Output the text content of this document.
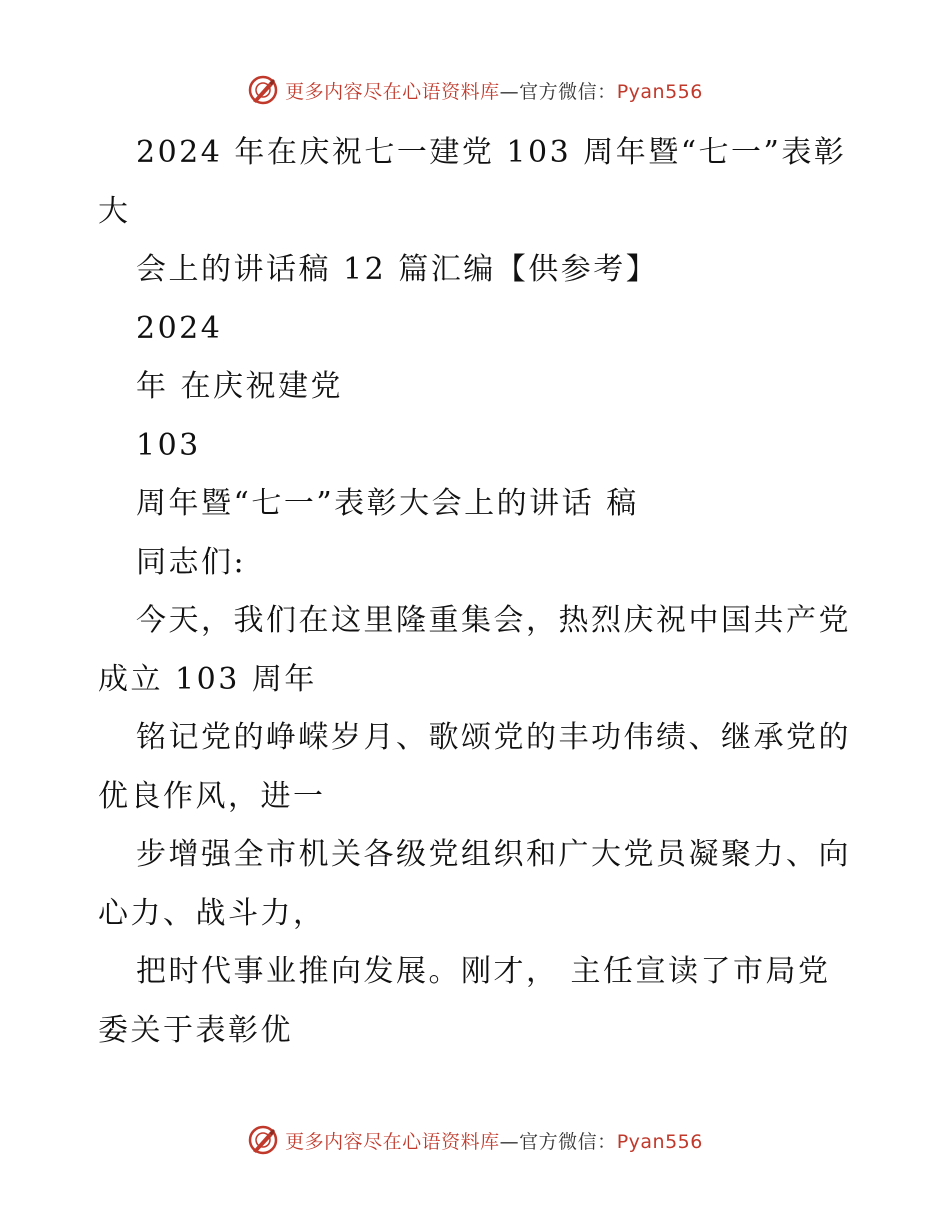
更多内容尽在心语资料库—官方微信：Pyan556

2024 年在庆祝七一建党 103 周年暨“七一”表彰大

会上的讲话稿 12 篇汇编【供参考】

2024

年 在庆祝建党

103

周年暨“七一”表彰大会上的讲话 稿

同志们:

今天，我们在这里隆重集会，热烈庆祝中国共产党成立 103 周年

铭记党的峥嵘岁月、歌颂党的丰功伟绩、继承党的优良作风，进一

步增强全市机关各级党组织和广大党员凝聚力、向心力、战斗力，

把时代事业推向发展。刚才， 主任宣读了市局党委关于表彰优

更多内容尽在心语资料库—官方微信：Pyan556
